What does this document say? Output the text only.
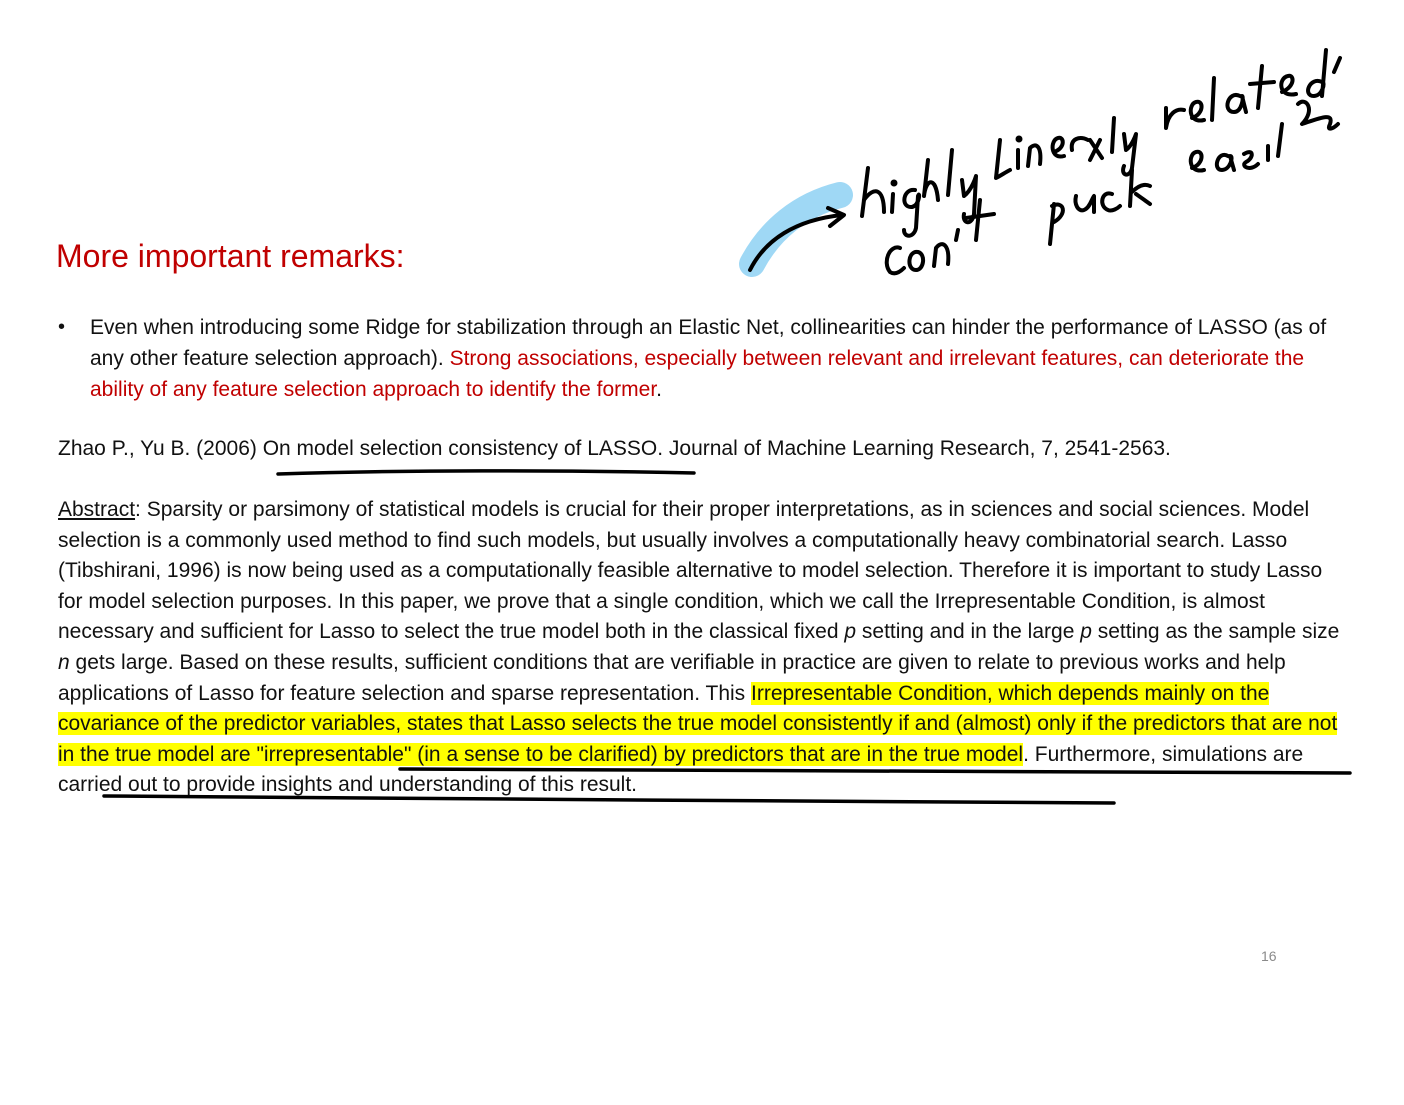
More important remarks:
• Even when introducing some Ridge for stabilization through an Elastic Net, collinearities can hinder the performance of LASSO (as of any other feature selection approach). Strong associations, especially between relevant and irrelevant features, can deteriorate the ability of any feature selection approach to identify the former.
Zhao P., Yu B. (2006) On model selection consistency of LASSO. Journal of Machine Learning Research, 7, 2541-2563.
Abstract: Sparsity or parsimony of statistical models is crucial for their proper interpretations, as in sciences and social sciences. Model selection is a commonly used method to find such models, but usually involves a computationally heavy combinatorial search. Lasso (Tibshirani, 1996) is now being used as a computationally feasible alternative to model selection. Therefore it is important to study Lasso for model selection purposes. In this paper, we prove that a single condition, which we call the Irrepresentable Condition, is almost necessary and sufficient for Lasso to select the true model both in the classical fixed p setting and in the large p setting as the sample size n gets large. Based on these results, sufficient conditions that are verifiable in practice are given to relate to previous works and help applications of Lasso for feature selection and sparse representation. This Irrepresentable Condition, which depends mainly on the covariance of the predictor variables, states that Lasso selects the true model consistently if and (almost) only if the predictors that are not in the true model are "irrepresentable" (in a sense to be clarified) by predictors that are in the true model. Furthermore, simulations are carried out to provide insights and understanding of this result.
16
